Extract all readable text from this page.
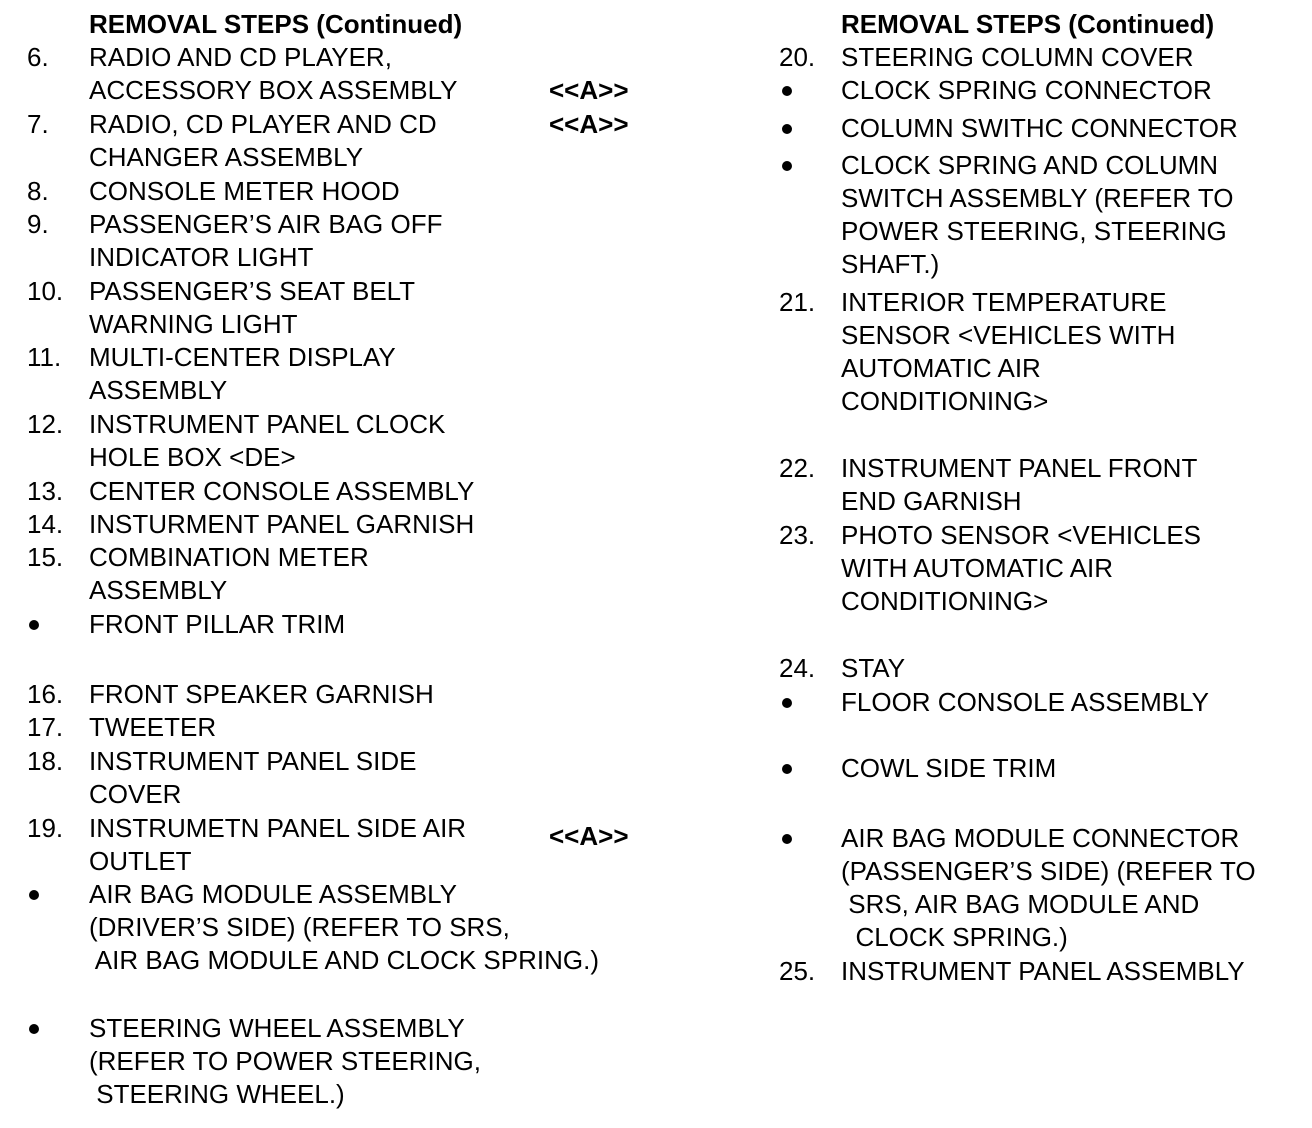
REMOVAL STEPS (Continued)	REMOVAL STEPS (Continued)
6. RADIO AND CD PLAYER,
ACCESSORY BOX ASSEMBLY
7. RADIO, CD PLAYER AND CD
CHANGER ASSEMBLY
8. CONSOLE METER HOOD
9. PASSENGER’S AIR BAG OFF
INDICATOR LIGHT
10. PASSENGER’S SEAT BELT
WARNING LIGHT
11. MULTI-CENTER DISPLAY
ASSEMBLY
12. INSTRUMENT PANEL CLOCK
HOLE BOX <DE>
13. CENTER CONSOLE ASSEMBLY
14. INSTURMENT PANEL GARNISH
15. COMBINATION METER
ASSEMBLY
FRONT PILLAR TRIM
16. FRONT SPEAKER GARNISH
17. TWEETER
18. INSTRUMENT PANEL SIDE
COVER
19. INSTRUMETN PANEL SIDE AIR
OUTLET
AIR BAG MODULE ASSEMBLY
(DRIVER’S SIDE) (REFER TO SRS,
AIR BAG MODULE AND CLOCK SPRING.)
STEERING WHEEL ASSEMBLY
(REFER TO POWER STEERING,
STEERING WHEEL.)
20. STEERING COLUMN COVER
CLOCK SPRING CONNECTOR
COLUMN SWITHC CONNECTOR
CLOCK SPRING AND COLUMN
SWITCH ASSEMBLY (REFER TO
POWER STEERING, STEERING
SHAFT.)
21. INTERIOR TEMPERATURE
SENSOR <VEHICLES WITH
AUTOMATIC AIR
CONDITIONING>
22. INSTRUMENT PANEL FRONT
END GARNISH
23. PHOTO SENSOR <VEHICLES
WITH AUTOMATIC AIR
CONDITIONING>
24. STAY
FLOOR CONSOLE ASSEMBLY
COWL SIDE TRIM
AIR BAG MODULE CONNECTOR
(PASSENGER’S SIDE) (REFER TO
SRS, AIR BAG MODULE AND
CLOCK SPRING.)
25. INSTRUMENT PANEL ASSEMBLY
<<A>>
<<A>>
<<A>>
